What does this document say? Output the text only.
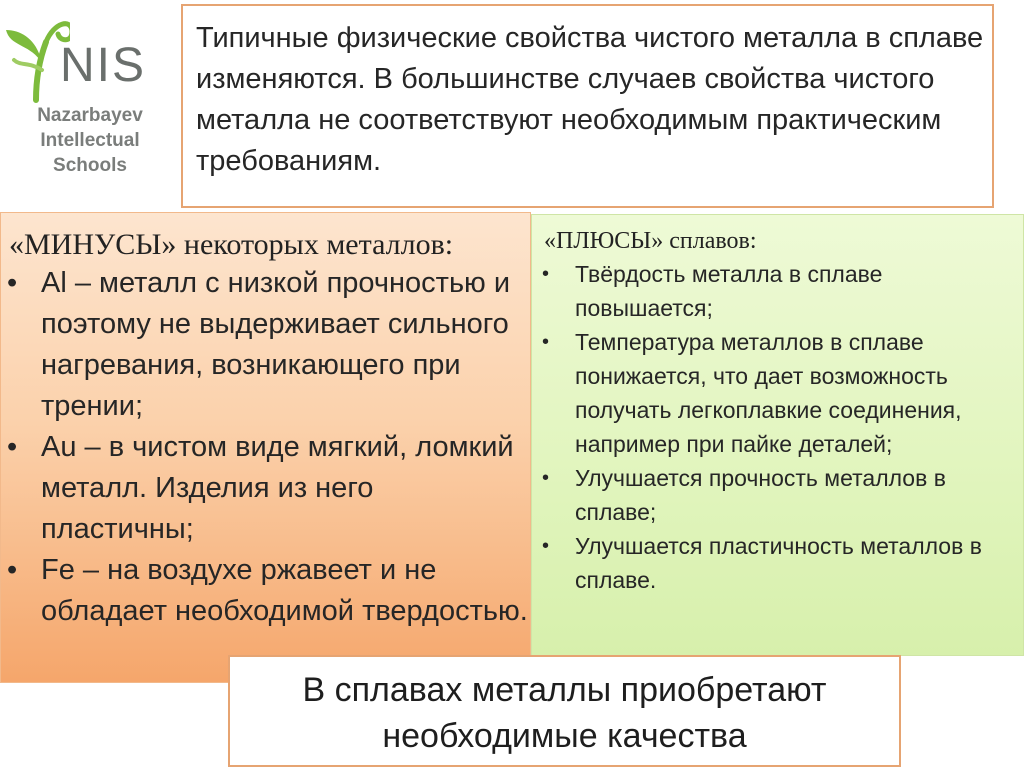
NIS

Nazarbayev

Intellectual

Schools

Типичные физические свойства чистого металла в сплаве изменяются. В большинстве случаев свойства чистого металла не соответствуют необходимым практическим требованиям.

«МИНУСЫ» некоторых металлов:

• Al – металл с низкой прочностью и поэтому не выдерживает сильного нагревания, возникающего при трении;
• Au – в чистом виде мягкий, ломкий металл. Изделия из него пластичны;
• Fe – на воздухе ржавеет и не обладает необходимой твердостью.

«ПЛЮСЫ» сплавов:

• Твёрдость металла в сплаве повышается;
• Температура металлов в сплаве понижается, что дает возможность получать легкоплавкие соединения, например при пайке деталей;
• Улучшается прочность металлов в сплаве;
• Улучшается пластичность металлов в сплаве.

В сплавах металлы приобретают необходимые качества
